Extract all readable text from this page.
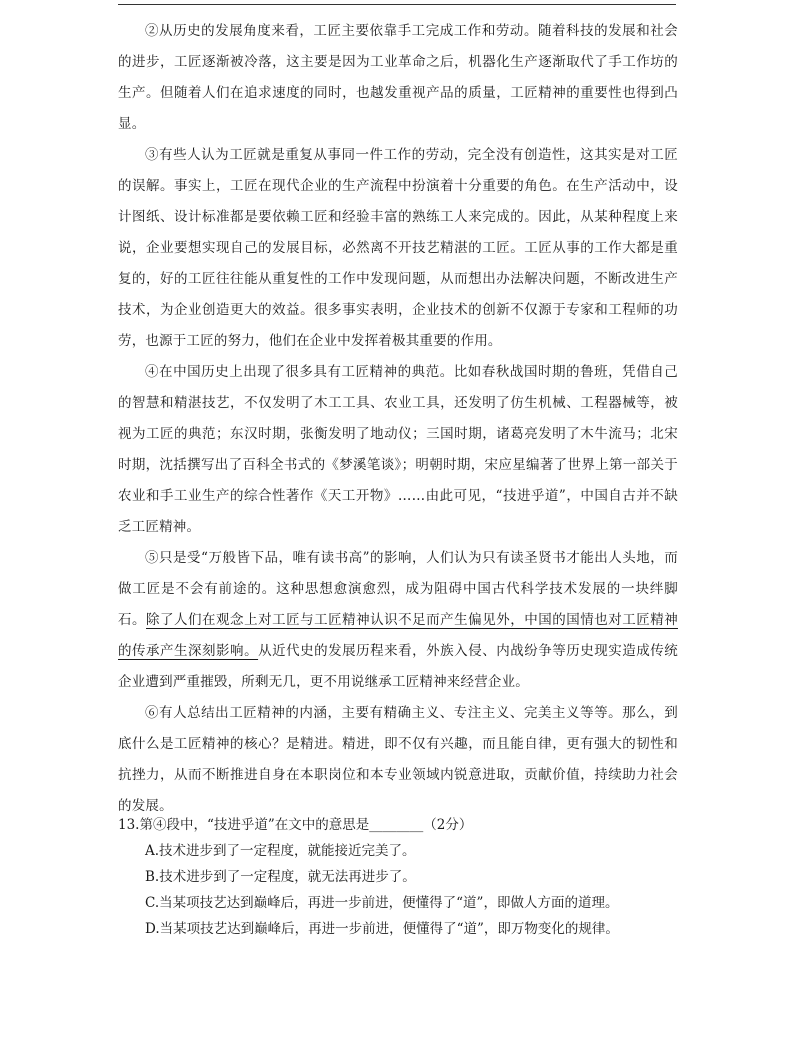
②从历史的发展角度来看，工匠主要依靠手工完成工作和劳动。随着科技的发展和社会的进步，工匠逐渐被冷落，这主要是因为工业革命之后，机器化生产逐渐取代了手工作坊的生产。但随着人们在追求速度的同时，也越发重视产品的质量，工匠精神的重要性也得到凸显。

③有些人认为工匠就是重复从事同一件工作的劳动，完全没有创造性，这其实是对工匠的误解。事实上，工匠在现代企业的生产流程中扮演着十分重要的角色。在生产活动中，设计图纸、设计标准都是要依赖工匠和经验丰富的熟练工人来完成的。因此，从某种程度上来说，企业要想实现自己的发展目标，必然离不开技艺精湛的工匠。工匠从事的工作大都是重复的，好的工匠往往能从重复性的工作中发现问题，从而想出办法解决问题，不断改进生产技术，为企业创造更大的效益。很多事实表明，企业技术的创新不仅源于专家和工程师的功劳，也源于工匠的努力，他们在企业中发挥着极其重要的作用。

④在中国历史上出现了很多具有工匠精神的典范。比如春秋战国时期的鲁班，凭借自己的智慧和精湛技艺，不仅发明了木工工具、农业工具，还发明了仿生机械、工程器械等，被视为工匠的典范；东汉时期，张衡发明了地动仪；三国时期，诸葛亮发明了木牛流马；北宋时期，沈括撰写出了百科全书式的《梦溪笔谈》；明朝时期，宋应星编著了世界上第一部关于农业和手工业生产的综合性著作《天工开物》……由此可见，“技进乎道”，中国自古并不缺乏工匠精神。

⑤只是受“万般皆下品，唯有读书高”的影响，人们认为只有读圣贤书才能出人头地，而做工匠是不会有前途的。这种思想愈演愈烈，成为阻碍中国古代科学技术发展的一块绊脚石。除了人们在观念上对工匠与工匠精神认识不足而产生偏见外，中国的国情也对工匠精神的传承产生深刻影响。从近代史的发展历程来看，外族入侵、内战纷争等历史现实造成传统企业遭到严重摧毁，所剩无几，更不用说继承工匠精神来经营企业。

⑥有人总结出工匠精神的内涵，主要有精确主义、专注主义、完美主义等等。那么，到底什么是工匠精神的核心？是精进。精进，即不仅有兴趣，而且能自律，更有强大的韧性和抗挫力，从而不断推进自身在本职岗位和本专业领域内锐意进取，贡献价值，持续助力社会的发展。

13.第④段中，“技进乎道”在文中的意思是________（2分）

A.技术进步到了一定程度，就能接近完美了。

B.技术进步到了一定程度，就无法再进步了。

C.当某项技艺达到巅峰后，再进一步前进，便懂得了“道”，即做人方面的道理。

D.当某项技艺达到巅峰后，再进一步前进，便懂得了“道”，即万物变化的规律。
